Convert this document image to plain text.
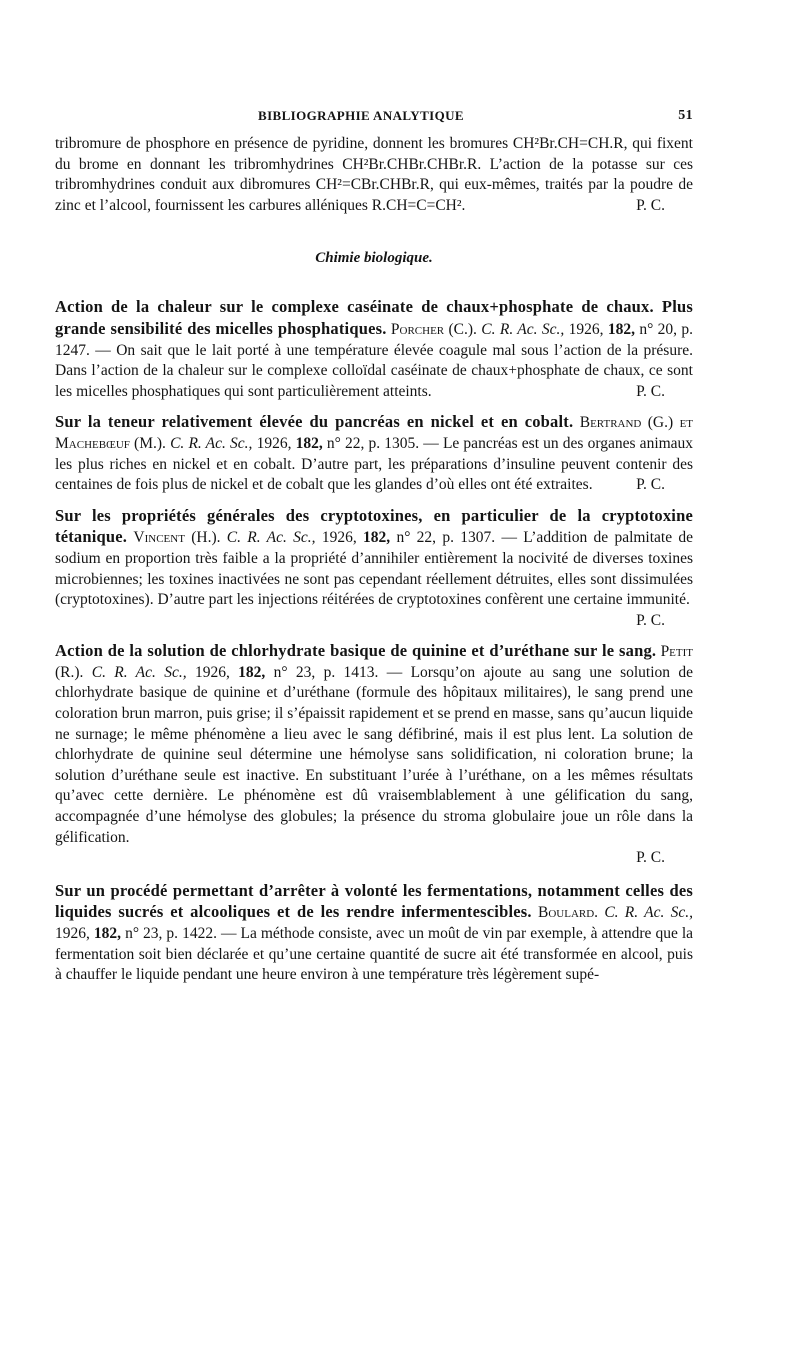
BIBLIOGRAPHIE ANALYTIQUE	51

tribromure de phosphore en présence de pyridine, donnent les bromures CH²Br.CH=CH.R, qui fixent du brome en donnant les tribromhydrines CH²Br.CHBr.CHBr.R. L’action de la potasse sur ces tribromhydrines conduit aux dibromures CH²=CBr.CHBr.R, qui eux-mêmes, traités par la poudre de zinc et l’alcool, fournissent les carbures alléniques R.CH=C=CH².	P. C.

Chimie biologique.

Action de la chaleur sur le complexe caséinate de chaux+phosphate de chaux. Plus grande sensibilité des micelles phosphatiques. Porcher (C.). C. R. Ac. Sc., 1926, 182, n° 20, p. 1247. — On sait que le lait porté à une température élevée coagule mal sous l’action de la présure. Dans l’action de la chaleur sur le complexe colloïdal caséinate de chaux+phosphate de chaux, ce sont les micelles phosphatiques qui sont particulièrement atteints.	P. C.

Sur la teneur relativement élevée du pancréas en nickel et en cobalt. Bertrand (G.) et Machebœuf (M.). C. R. Ac. Sc., 1926, 182, n° 22, p. 1305. — Le pancréas est un des organes animaux les plus riches en nickel et en cobalt. D’autre part, les préparations d’insuline peuvent contenir des centaines de fois plus de nickel et de cobalt que les glandes d’où elles ont été extraites.	P. C.

Sur les propriétés générales des cryptotoxines, en particulier de la cryptotoxine tétanique. Vincent (H.). C. R. Ac. Sc., 1926, 182, n° 22, p. 1307. — L’addition de palmitate de sodium en proportion très faible a la propriété d’annihiler entièrement la nocivité de diverses toxines microbiennes; les toxines inactivées ne sont pas cependant réellement détruites, elles sont dissimulées (cryptotoxines). D’autre part les injections réitérées de cryptotoxines confèrent une certaine immunité.
P. C.

Action de la solution de chlorhydrate basique de quinine et d’uréthane sur le sang. Petit (R.). C. R. Ac. Sc., 1926, 182, n° 23, p. 1413. — Lorsqu’on ajoute au sang une solution de chlorhydrate basique de quinine et d’uréthane (formule des hôpitaux militaires), le sang prend une coloration brun marron, puis grise; il s’épaissit rapidement et se prend en masse, sans qu’aucun liquide ne surnage; le même phénomène a lieu avec le sang défibriné, mais il est plus lent. La solution de chlorhydrate de quinine seul détermine une hémolyse sans solidification, ni coloration brune; la solution d’uréthane seule est inactive. En substituant l’urée à l’uréthane, on a les mêmes résultats qu’avec cette dernière. Le phénomène est dû vraisemblablement à une gélification du sang, accompagnée d’une hémolyse des globules; la présence du stroma globulaire joue un rôle dans la gélification.

P. C.

Sur un procédé permettant d’arrêter à volonté les fermentations, notamment celles des liquides sucrés et alcooliques et de les rendre infermentescibles. Boulard. C. R. Ac. Sc., 1926, 182, n° 23, p. 1422. — La méthode consiste, avec un moût de vin par exemple, à attendre que la fermentation soit bien déclarée et qu’une certaine quantité de sucre ait été transformée en alcool, puis à chauffer le liquide pendant une heure environ à une température très légèrement supé-
